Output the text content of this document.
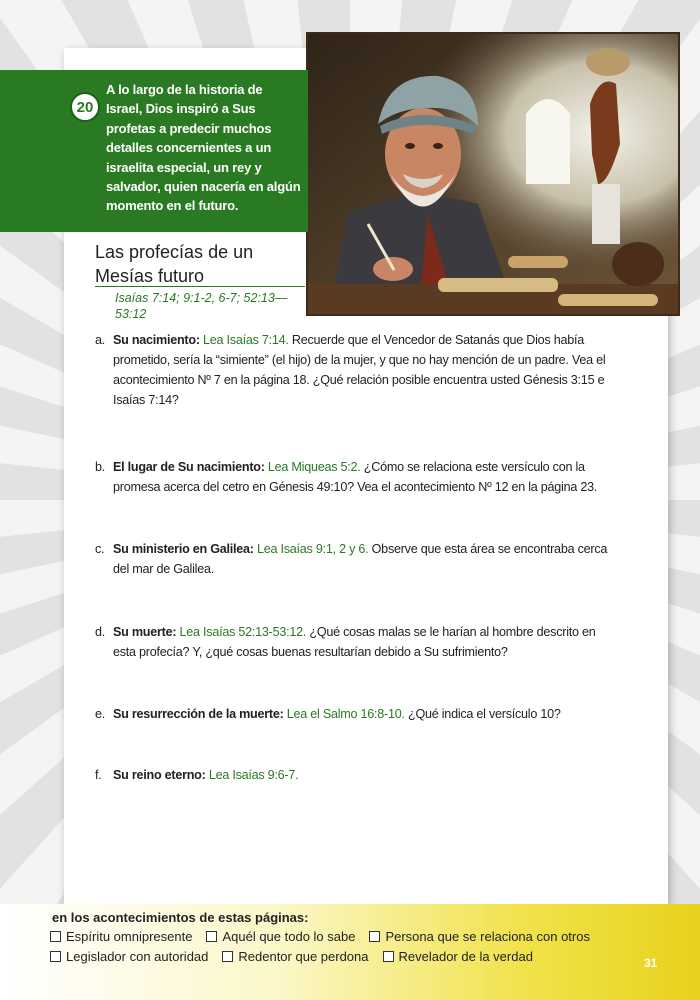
20
A lo largo de la historia de Israel, Dios inspiró a Sus profetas a predecir muchos detalles concernientes a un israelita especial, un rey y salvador, quien nacería en algún momento en el futuro.
Las profecías de un Mesías futuro
Isaías 7:14; 9:1-2, 6-7; 52:13—53:12
a. Su nacimiento: Lea Isaías 7:14. Recuerde que el Vencedor de Satanás que Dios había prometido, sería la “simiente” (el hijo) de la mujer, y que no hay mención de un padre. Vea el acontecimiento Nº 7 en la página 18. ¿Qué relación posible encuentra usted Génesis 3:15 e Isaías 7:14?
b. El lugar de Su nacimiento: Lea Miqueas 5:2. ¿Cómo se relaciona este versículo con la promesa acerca del cetro en Génesis 49:10? Vea el acontecimiento Nº 12 en la página 23.
c. Su ministerio en Galilea: Lea Isaías 9:1, 2 y 6. Observe que esta área se encontraba cerca del mar de Galilea.
d. Su muerte: Lea Isaías 52:13-53:12. ¿Qué cosas malas se le harían al hombre descrito en esta profecía? Y, ¿qué cosas buenas resultarían debido a Su sufrimiento?
e. Su resurrección de la muerte: Lea el Salmo 16:8-10. ¿Qué indica el versículo 10?
f. Su reino eterno: Lea Isaías 9:6-7.
en los acontecimientos de estas páginas:
Espíritu omnipresente Aquél que todo lo sabe Persona que se relaciona con otros
Legislador con autoridad Redentor que perdona Revelador de la verdad	31
